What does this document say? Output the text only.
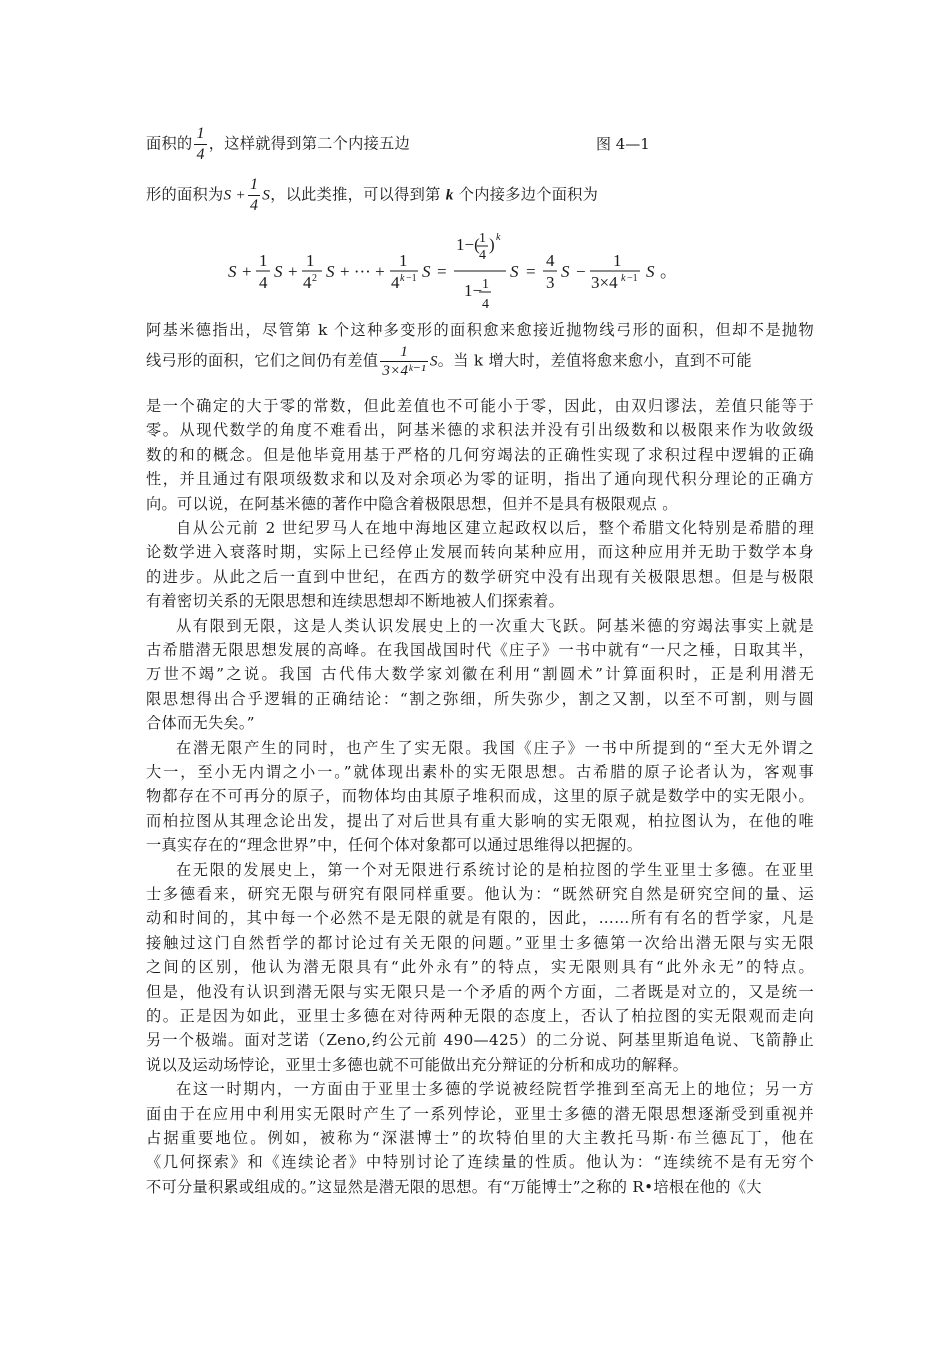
面积的 $\frac{1}{4}$ ，这样就得到第二个内接五边	图 4—1
形的面积为$S + \frac{1}{4}$ S，以此类推，可以得到第 k 个内接多边个面积为
S +
1
4
S +
1
4 2 S + ··· +
1
4 k −1 S =
1−( 1
4
) k
1− 1
4
S =
4
3
S −
1
3×4 k −1 S 。
阿基米德指出，尽管第 k 个这种多变形的面积愈来愈接近抛物线弓形的面积，但却不是抛物
线弓形的面积，它们之间仍有差值 $\frac{1}{\text{3×4ᵏ⁻¹}}$ S。当 k 增大时，差值将愈来愈小，直到不可能
是一个确定的大于零的常数，但此差值也不可能小于零，因此，由双归谬法，差值只能等于
零。从现代数学的角度不难看出，阿基米德的求积法并没有引出级数和以极限来作为收敛级
数的和的概念。但是他毕竟用基于严格的几何穷竭法的正确性实现了求积过程中逻辑的正确
性，并且通过有限项级数求和以及对余项必为零的证明，指出了通向现代积分理论的正确方
向。可以说，在阿基米德的著作中隐含着极限思想，但并不是具有极限观点 。
自从公元前 2 世纪罗马人在地中海地区建立起政权以后，整个希腊文化特别是希腊的理
论数学进入衰落时期，实际上已经停止发展而转向某种应用，而这种应用并无助于数学本身
的进步。从此之后一直到中世纪，在西方的数学研究中没有出现有关极限思想。但是与极限
有着密切关系的无限思想和连续思想却不断地被人们探索着。
从有限到无限，这是人类认识发展史上的一次重大飞跃。阿基米德的穷竭法事实上就是
古希腊潜无限思想发展的高峰。在我国战国时代《庄子》一书中就有“一尺之棰，日取其半，
万世不竭”之说。我国 古代伟大数学家刘徽在利用“割圆术”计算面积时，正是利用潜无
限思想得出合乎逻辑的正确结论：“割之弥细，所失弥少，割之又割，以至不可割，则与圆
合体而无失矣。”
在潜无限产生的同时，也产生了实无限。我国《庄子》一书中所提到的“至大无外谓之
大一，至小无内谓之小一。”就体现出素朴的实无限思想。古希腊的原子论者认为，客观事
物都存在不可再分的原子，而物体均由其原子堆积而成，这里的原子就是数学中的实无限小。
而柏拉图从其理念论出发，提出了对后世具有重大影响的实无限观，柏拉图认为，在他的唯
一真实存在的“理念世界”中，任何个体对象都可以通过思维得以把握的。
在无限的发展史上，第一个对无限进行系统讨论的是柏拉图的学生亚里士多德。在亚里
士多德看来，研究无限与研究有限同样重要。他认为：“既然研究自然是研究空间的量、运
动和时间的，其中每一个必然不是无限的就是有限的，因此，……所有有名的哲学家，凡是
接触过这门自然哲学的都讨论过有关无限的问题。”亚里士多德第一次给出潜无限与实无限
之间的区别，他认为潜无限具有“此外永有”的特点，实无限则具有“此外永无”的特点。
但是，他没有认识到潜无限与实无限只是一个矛盾的两个方面，二者既是对立的，又是统一
的。正是因为如此，亚里士多德在对待两种无限的态度上，否认了柏拉图的实无限观而走向
另一个极端。面对芝诺（Zeno,约公元前 490—425）的二分说、阿基里斯追龟说、飞箭静止
说以及运动场悖论，亚里士多德也就不可能做出充分辩证的分析和成功的解释。
在这一时期内，一方面由于亚里士多德的学说被经院哲学推到至高无上的地位；另一方
面由于在应用中利用实无限时产生了一系列悖论，亚里士多德的潜无限思想逐渐受到重视并
占据重要地位。例如，被称为“深湛博士”的坎特伯里的大主教托马斯·布兰德瓦丁，他在
《几何探索》和《连续论者》中特别讨论了连续量的性质。他认为：“连续统不是有无穷个
不可分量积累或组成的。”这显然是潜无限的思想。有“万能博士”之称的 R•培根在他的《大
